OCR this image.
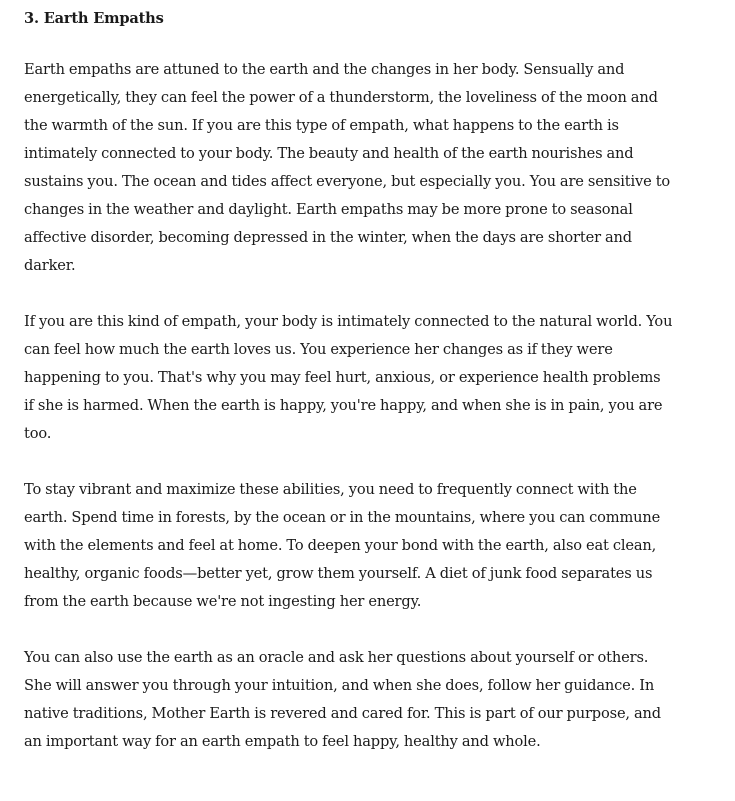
3. Earth Empaths

Earth empaths are attuned to the earth and the changes in her body. Sensually and energetically, they can feel the power of a thunderstorm, the loveliness of the moon and the warmth of the sun. If you are this type of empath, what happens to the earth is intimately connected to your body. The beauty and health of the earth nourishes and sustains you. The ocean and tides affect everyone, but especially you. You are sensitive to changes in the weather and daylight. Earth empaths may be more prone to seasonal affective disorder, becoming depressed in the winter, when the days are shorter and darker.

If you are this kind of empath, your body is intimately connected to the natural world. You can feel how much the earth loves us. You experience her changes as if they were happening to you. That's why you may feel hurt, anxious, or experience health problems if she is harmed. When the earth is happy, you're happy, and when she is in pain, you are too.

To stay vibrant and maximize these abilities, you need to frequently connect with the earth. Spend time in forests, by the ocean or in the mountains, where you can commune with the elements and feel at home. To deepen your bond with the earth, also eat clean, healthy, organic foods—better yet, grow them yourself. A diet of junk food separates us from the earth because we're not ingesting her energy.

You can also use the earth as an oracle and ask her questions about yourself or others. She will answer you through your intuition, and when she does, follow her guidance. In native traditions, Mother Earth is revered and cared for. This is part of our purpose, and an important way for an earth empath to feel happy, healthy and whole.
